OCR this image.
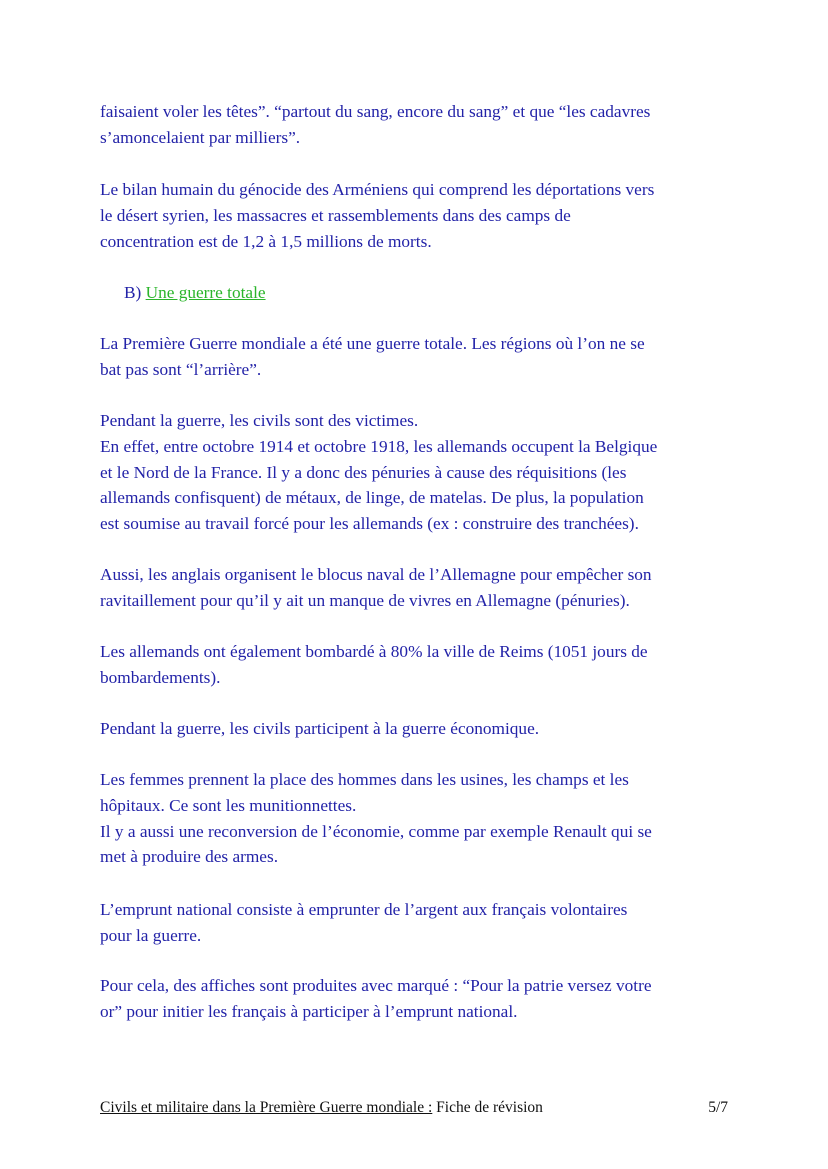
faisaient voler les têtes”. “partout du sang, encore du sang” et que “les cadavres
s’amoncelaient par milliers”.

Le bilan humain du génocide des Arméniens qui comprend les déportations vers
le désert syrien, les massacres et rassemblements dans des camps de
concentration est de 1,2 à 1,5 millions de morts.

B) Une guerre totale

La Première Guerre mondiale a été une guerre totale. Les régions où l’on ne se
bat pas sont “l’arrière”.

Pendant la guerre, les civils sont des victimes.
En effet, entre octobre 1914 et octobre 1918, les allemands occupent la Belgique
et le Nord de la France. Il y a donc des pénuries à cause des réquisitions (les
allemands confisquent) de métaux, de linge, de matelas. De plus, la population
est soumise au travail forcé pour les allemands (ex : construire des tranchées).

Aussi, les anglais organisent le blocus naval de l’Allemagne pour empêcher son
ravitaillement pour qu’il y ait un manque de vivres en Allemagne (pénuries).

Les allemands ont également bombardé à 80% la ville de Reims (1051 jours de
bombardements).

Pendant la guerre, les civils participent à la guerre économique.

Les femmes prennent la place des hommes dans les usines, les champs et les
hôpitaux. Ce sont les munitionnettes.
Il y a aussi une reconversion de l’économie, comme par exemple Renault qui se
met à produire des armes.

L’emprunt national consiste à emprunter de l’argent aux français volontaires
pour la guerre.

Pour cela, des affiches sont produites avec marqué : “Pour la patrie versez votre
or” pour initier les français à participer à l’emprunt national.

Civils et militaire dans la Première Guerre mondiale : Fiche de révision	5/7
